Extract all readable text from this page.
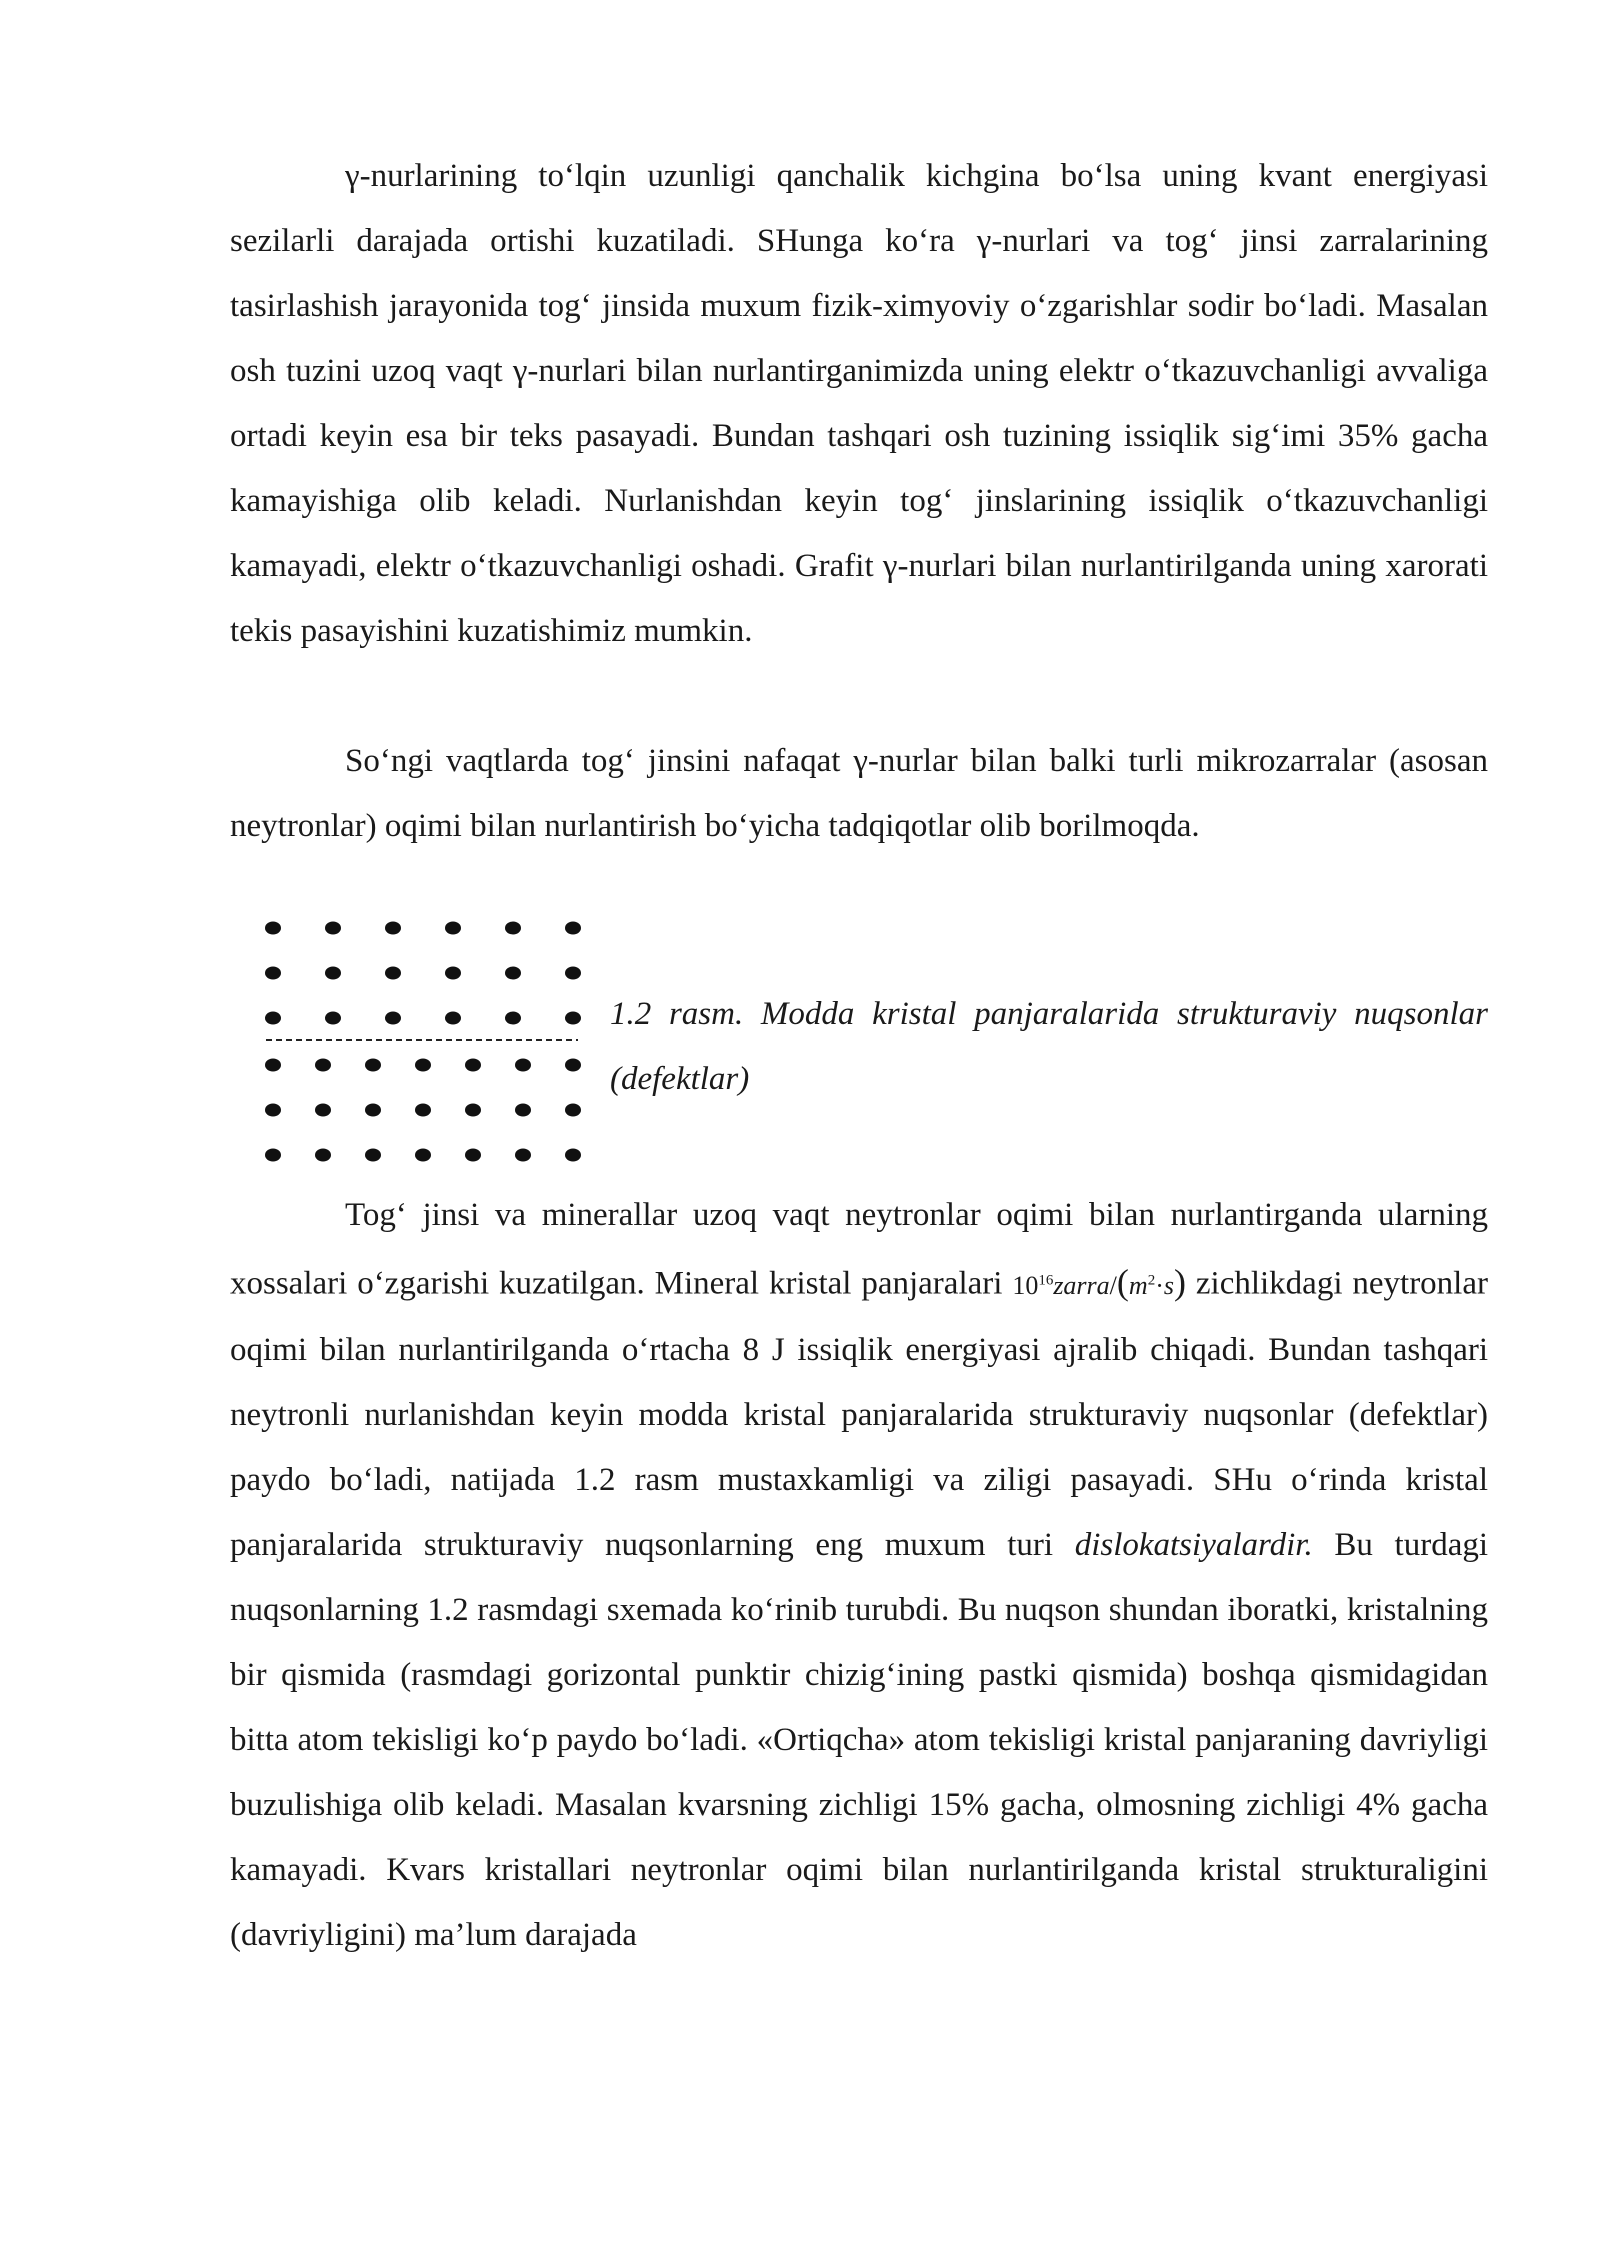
γ-nurlarining to‘lqin uzunligi qanchalik kichgina bo‘lsa uning kvant energiyasi sezilarli darajada ortishi kuzatiladi. SHunga ko‘ra γ-nurlari va tog‘ jinsi zarralarining tasirlashish jarayonida tog‘ jinsida muxum fizik-ximyoviy o‘zgarishlar sodir bo‘ladi. Masalan osh tuzini uzoq vaqt γ-nurlari bilan nurlantirganimizda uning elektr o‘tkazuvchanligi avvaliga ortadi keyin esa bir teks pasayadi. Bundan tashqari osh tuzining issiqlik sig‘imi 35% gacha kamayishiga olib keladi. Nurlanishdan keyin tog‘ jinslarining issiqlik o‘tkazuvchanligi kamayadi, elektr o‘tkazuvchanligi oshadi. Grafit γ-nurlari bilan nurlantirilganda uning xarorati tekis pasayishini kuzatishimiz mumkin.

So‘ngi vaqtlarda tog‘ jinsini nafaqat γ-nurlar bilan balki turli mikrozarralar (asosan neytronlar) oqimi bilan nurlantirish bo‘yicha tadqiqotlar olib borilmoqda.

1.2 rasm. Modda kristal panjaralarida strukturaviy nuqsonlar (defektlar)

Tog‘ jinsi va minerallar uzoq vaqt neytronlar oqimi bilan nurlantirganda ularning xossalari o‘zgarishi kuzatilgan. Mineral kristal panjaralari $10^{16}zarra/(m^2\cdot s)$ zichlikdagi neytronlar oqimi bilan nurlantirilganda o‘rtacha 8 J issiqlik energiyasi ajralib chiqadi. Bundan tashqari neytronli nurlanishdan keyin modda kristal panjaralarida strukturaviy nuqsonlar (defektlar) paydo bo‘ladi, natijada 1.2 rasm mustaxkamligi va ziligi pasayadi. SHu o‘rinda kristal panjaralarida strukturaviy nuqsonlarning eng muxum turi dislokatsiyalardir. Bu turdagi nuqsonlarning 1.2 rasmdagi sxemada ko‘rinib turubdi. Bu nuqson shundan iboratki, kristalning bir qismida (rasmdagi gorizontal punktir chizig‘ining pastki qismida) boshqa qismidagidan bitta atom tekisligi ko‘p paydo bo‘ladi. «Ortiqcha» atom tekisligi kristal panjaraning davriyligi buzulishiga olib keladi. Masalan kvarsning zichligi 15% gacha, olmosning zichligi 4% gacha kamayadi. Kvars kristallari neytronlar oqimi bilan nurlantirilganda kristal strukturaligini (davriyligini) ma’lum darajada
